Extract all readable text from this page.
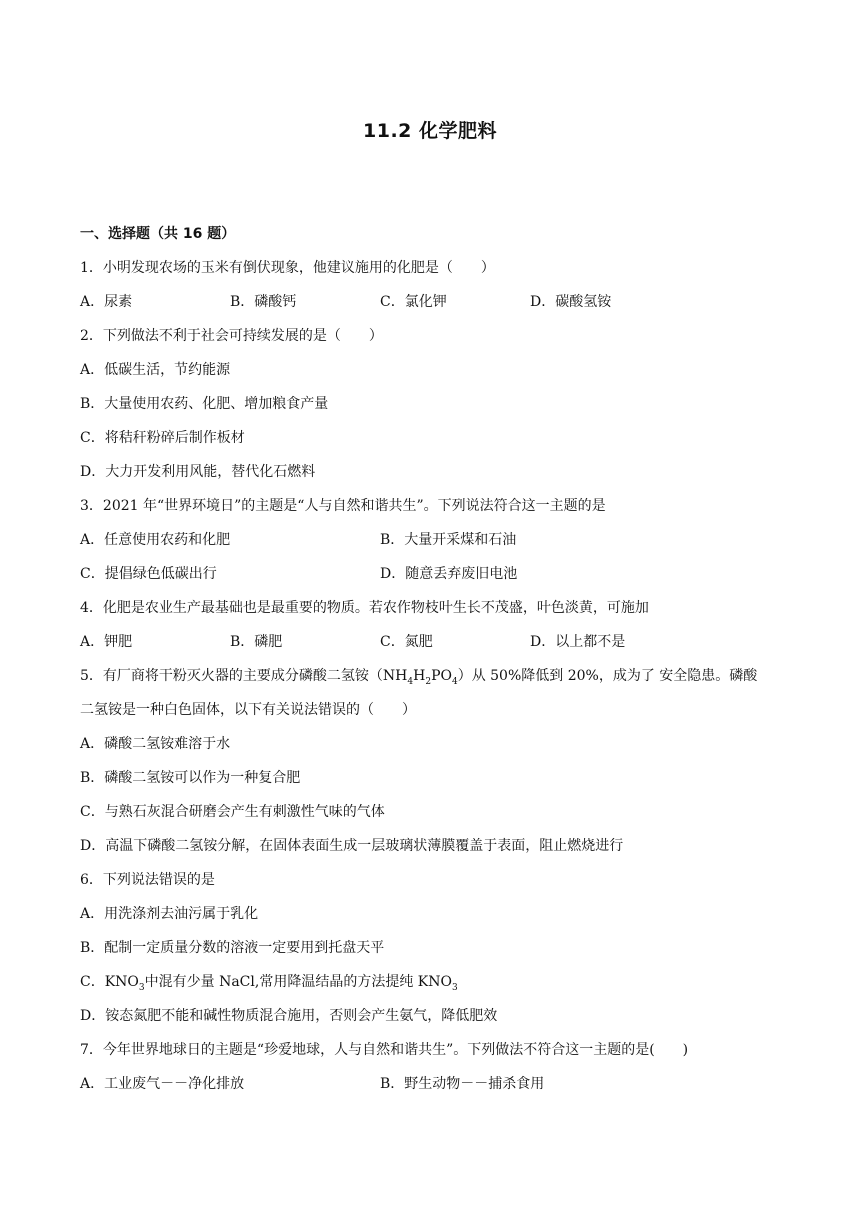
11.2 化学肥料
一、选择题（共 16 题）
1．小明发现农场的玉米有倒伏现象，他建议施用的化肥是（　　）
A．尿素	B．磷酸钙	C．氯化钾	D．碳酸氢铵
2．下列做法不利于社会可持续发展的是（　　）
A．低碳生活，节约能源
B．大量使用农药、化肥、增加粮食产量
C．将秸秆粉碎后制作板材
D．大力开发利用风能，替代化石燃料
3．2021 年“世界环境日”的主题是“人与自然和谐共生”。下列说法符合这一主题的是
A．任意使用农药和化肥	B．大量开采煤和石油
C．提倡绿色低碳出行	D．随意丢弃废旧电池
4．化肥是农业生产最基础也是最重要的物质。若农作物枝叶生长不茂盛，叶色淡黄，可施加
A．钾肥	B．磷肥	C．氮肥	D．以上都不是
5．有厂商将干粉灭火器的主要成分磷酸二氢铵$(NH_4H_2PO_4)$从 50%降低到 20%，成为了 安全隐患。磷酸
二氢铵是一种白色固体，以下有关说法错误的（　　）
A．磷酸二氢铵难溶于水
B．磷酸二氢铵可以作为一种复合肥
C．与熟石灰混合研磨会产生有刺激性气味的气体
D．高温下磷酸二氢铵分解，在固体表面生成一层玻璃状薄膜覆盖于表面，阻止燃烧进行
6．下列说法错误的是
A．用洗涤剂去油污属于乳化
B．配制一定质量分数的溶液一定要用到托盘天平
C．$KNO_3$中混有少量 NaCl,常用降温结晶的方法提纯 $KNO_3$
D．铵态氮肥不能和碱性物质混合施用，否则会产生氨气，降低肥效
7．今年世界地球日的主题是“珍爱地球，人与自然和谐共生”。下列做法不符合这一主题的是(　　)
A．工业废气－－净化排放	B．野生动物－－捕杀食用
